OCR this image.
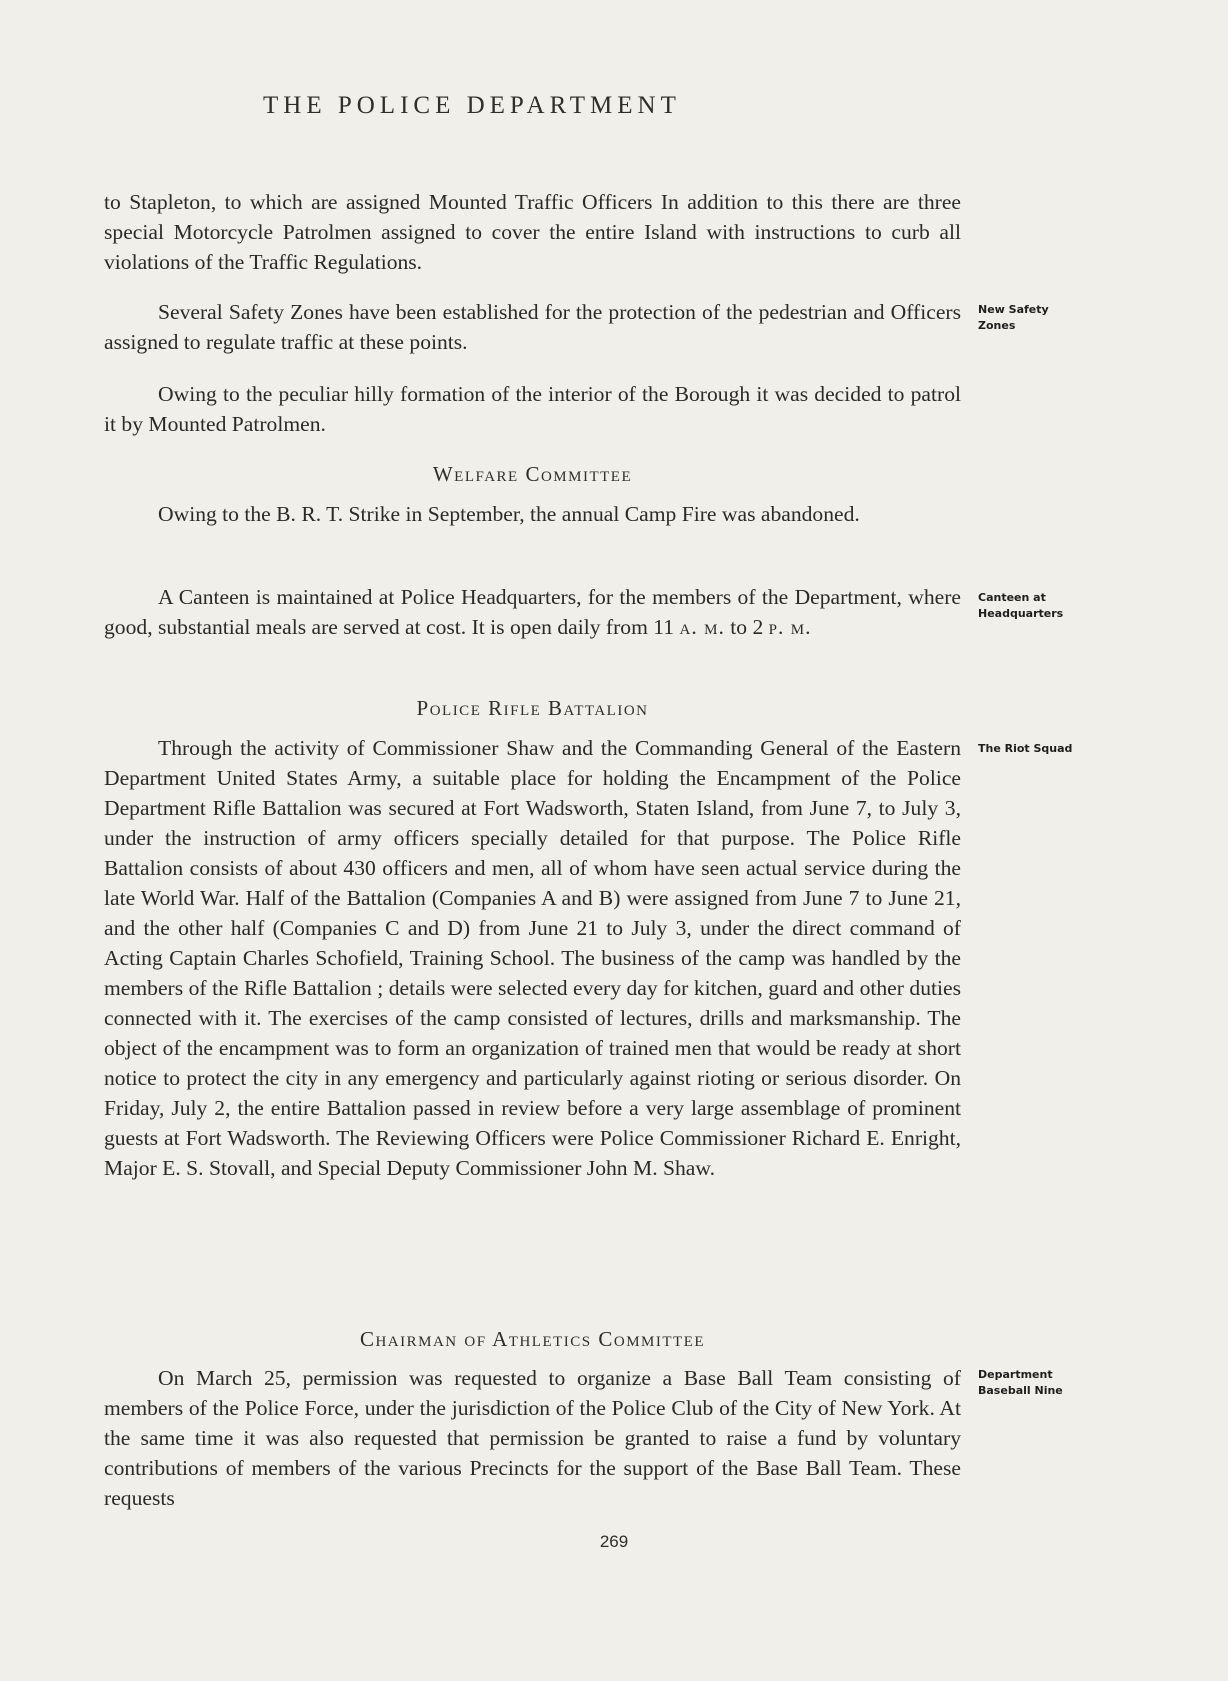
THE POLICE DEPARTMENT

to Stapleton, to which are assigned Mounted Traffic Officers In addition to this there are three special Motorcycle Patrolmen assigned to cover the entire Island with instructions to curb all violations of the Traffic Regulations.

Several Safety Zones have been established for the protection of the pedestrian and Officers assigned to regulate traffic at these points.

New Safety
Zones

Owing to the peculiar hilly formation of the interior of the Borough it was decided to patrol it by Mounted Patrolmen.

Welfare Committee

Owing to the B. R. T. Strike in September, the annual Camp Fire was abandoned.

A Canteen is maintained at Police Headquarters, for the members of the Department, where good, substantial meals are served at cost. It is open daily from 11 a. m. to 2 p. m.

Canteen at
Headquarters
Police Rifle Battalion

Through the activity of Commissioner Shaw and the Commanding General of the Eastern Department United States Army, a suitable place for holding the Encampment of the Police Department Rifle Battalion was secured at Fort Wadsworth, Staten Island, from June 7, to July 3, under the instruction of army officers specially detailed for that purpose. The Police Rifle Battalion consists of about 430 officers and men, all of whom have seen actual service during the late World War. Half of the Battalion (Companies A and B) were assigned from June 7 to June 21, and the other half (Companies C and D) from June 21 to July 3, under the direct command of Acting Captain Charles Schofield, Training School. The business of the camp was handled by the members of the Rifle Battalion ; details were selected every day for kitchen, guard and other duties connected with it. The exercises of the camp consisted of lectures, drills and marksmanship. The object of the encampment was to form an organization of trained men that would be ready at short notice to protect the city in any emergency and particularly against rioting or serious disorder. On Friday, July 2, the entire Battalion passed in review before a very large assemblage of prominent guests at Fort Wadsworth. The Reviewing Officers were Police Commissioner Richard E. Enright, Major E. S. Stovall, and Special Deputy Commissioner John M. Shaw.

The Riot Squad
Chairman of Athletics Committee

On March 25, permission was requested to organize a Base Ball Team consisting of members of the Police Force, under the jurisdiction of the Police Club of the City of New York. At the same time it was also requested that permission be granted to raise a fund by voluntary contributions of members of the various Precincts for the support of the Base Ball Team. These requests

Department
Baseball Nine
269
